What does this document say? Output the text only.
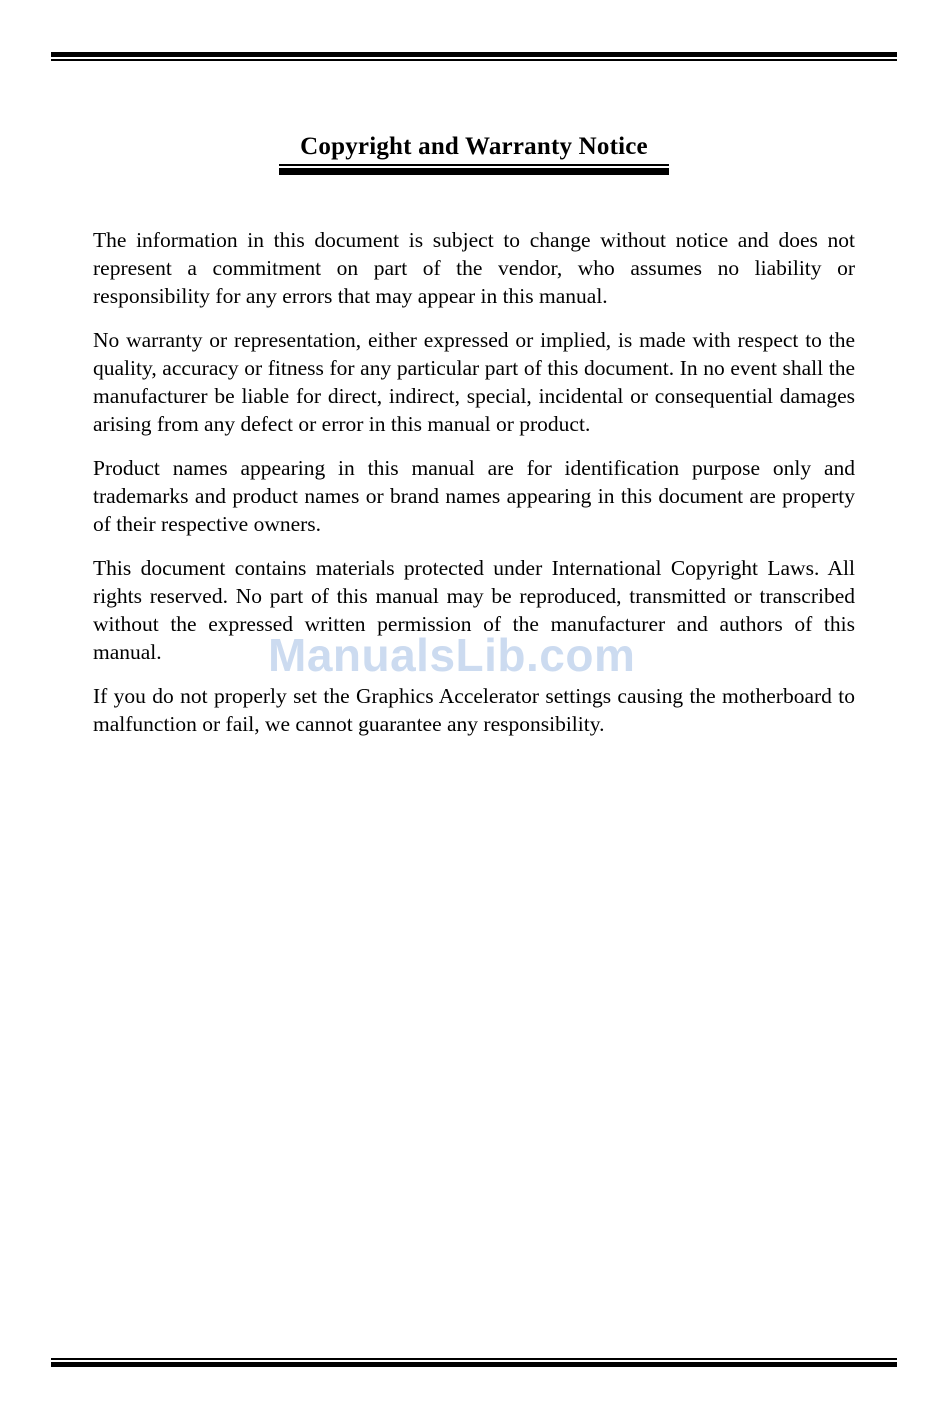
Copyright and Warranty Notice

The information in this document is subject to change without notice and does not represent a commitment on part of the vendor, who assumes no liability or responsibility for any errors that may appear in this manual.

No warranty or representation, either expressed or implied, is made with respect to the quality, accuracy or fitness for any particular part of this document. In no event shall the manufacturer be liable for direct, indirect, special, incidental or consequential damages arising from any defect or error in this manual or product.

Product names appearing in this manual are for identification purpose only and trademarks and product names or brand names appearing in this document are property of their respective owners.

This document contains materials protected under International Copyright Laws. All rights reserved. No part of this manual may be reproduced, transmitted or transcribed without the expressed written permission of the manufacturer and authors of this manual.

If you do not properly set the Graphics Accelerator settings causing the motherboard to malfunction or fail, we cannot guarantee any responsibility.

ManualsLib.com
